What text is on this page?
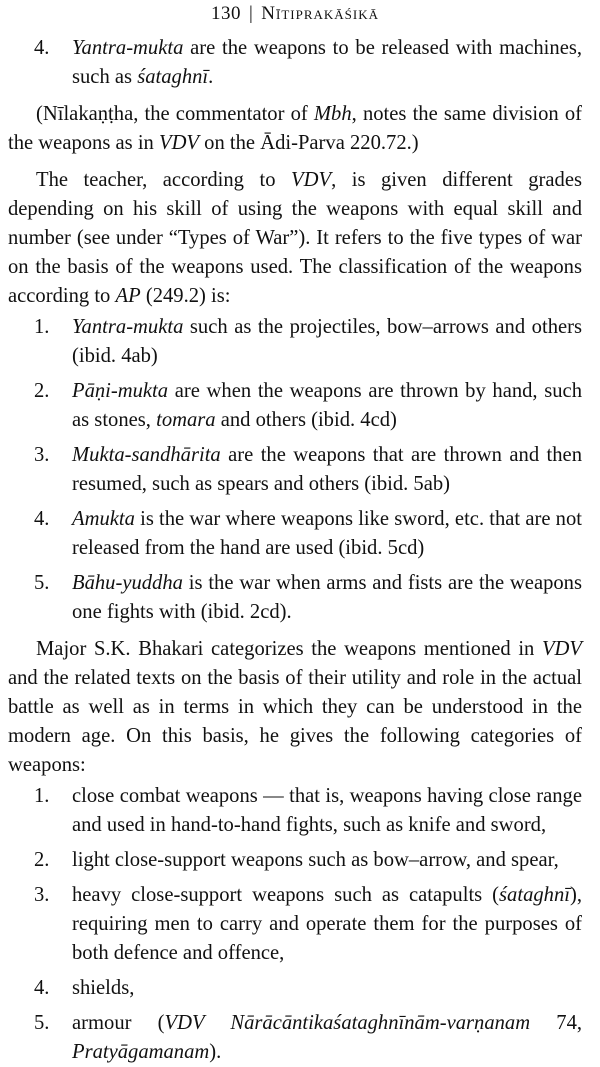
130 | Nītiprakāśikā
4.	Yantra-mukta are the weapons to be released with machines, such as śataghnī.

(Nīlakaṇṭha, the commentator of Mbh, notes the same division of the weapons as in VDV on the Ādi-Parva 220.72.)

The teacher, according to VDV, is given different grades depending on his skill of using the weapons with equal skill and number (see under “Types of War”). It refers to the five types of war on the basis of the weapons used. The classification of the weapons according to AP (249.2) is:

1.	Yantra-mukta such as the projectiles, bow–arrows and others (ibid. 4ab)
2.	Pāṇi-mukta are when the weapons are thrown by hand, such as stones, tomara and others (ibid. 4cd)
3.	Mukta-sandhārita are the weapons that are thrown and then resumed, such as spears and others (ibid. 5ab)
4.	Amukta is the war where weapons like sword, etc. that are not released from the hand are used (ibid. 5cd)
5.	Bāhu-yuddha is the war when arms and fists are the weapons one fights with (ibid. 2cd).

Major S.K. Bhakari categorizes the weapons mentioned in VDV and the related texts on the basis of their utility and role in the actual battle as well as in terms in which they can be understood in the modern age. On this basis, he gives the following categories of weapons:

1.	close combat weapons — that is, weapons having close range and used in hand-to-hand fights, such as knife and sword,
2.	light close-support weapons such as bow–arrow, and spear,
3.	heavy close-support weapons such as catapults (śataghnī), requiring men to carry and operate them for the purposes of both defence and offence,
4.	shields,
5.	armour (VDV Nārācāntikaśataghnīnām-varṇanam 74, Pratyāgamanam).
